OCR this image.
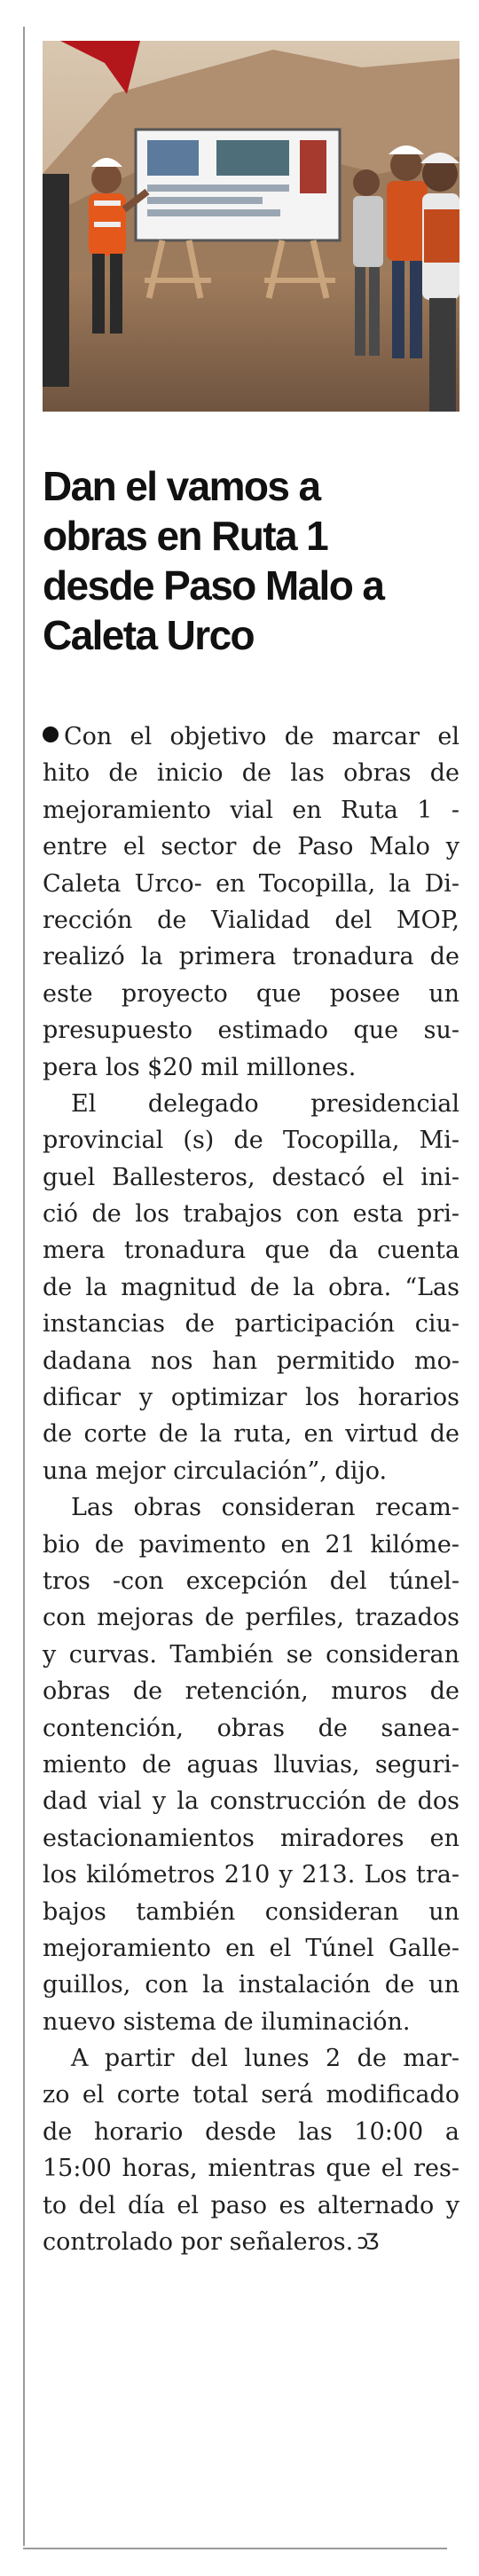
Dan el vamos a
obras en Ruta 1
desde Paso Malo a
Caleta Urco
Con el objetivo de marcar el
hito de inicio de las obras de
mejoramiento vial en Ruta 1 -
entre el sector de Paso Malo y
Caleta Urco- en Tocopilla, la Di-
rección de Vialidad del MOP,
realizó la primera tronadura de
este proyecto que posee un
presupuesto estimado que su-
pera los $20 mil millones.
El delegado presidencial
provincial (s) de Tocopilla, Mi-
guel Ballesteros, destacó el ini-
ció de los trabajos con esta pri-
mera tronadura que da cuenta
de la magnitud de la obra. “Las
instancias de participación ciu-
dadana nos han permitido mo-
dificar y optimizar los horarios
de corte de la ruta, en virtud de
una mejor circulación”, dijo.
Las obras consideran recam-
bio de pavimento en 21 kilóme-
tros -con excepción del túnel-
con mejoras de perfiles, trazados
y curvas. También se consideran
obras de retención, muros de
contención, obras de sanea-
miento de aguas lluvias, seguri-
dad vial y la construcción de dos
estacionamientos miradores en
los kilómetros 210 y 213. Los tra-
bajos también consideran un
mejoramiento en el Túnel Galle-
guillos, con la instalación de un
nuevo sistema de iluminación.
A partir del lunes 2 de mar-
zo el corte total será modificado
de horario desde las 10:00 a
15:00 horas, mientras que el res-
to del día el paso es alternado y
controlado por señaleros. ↄƷ
